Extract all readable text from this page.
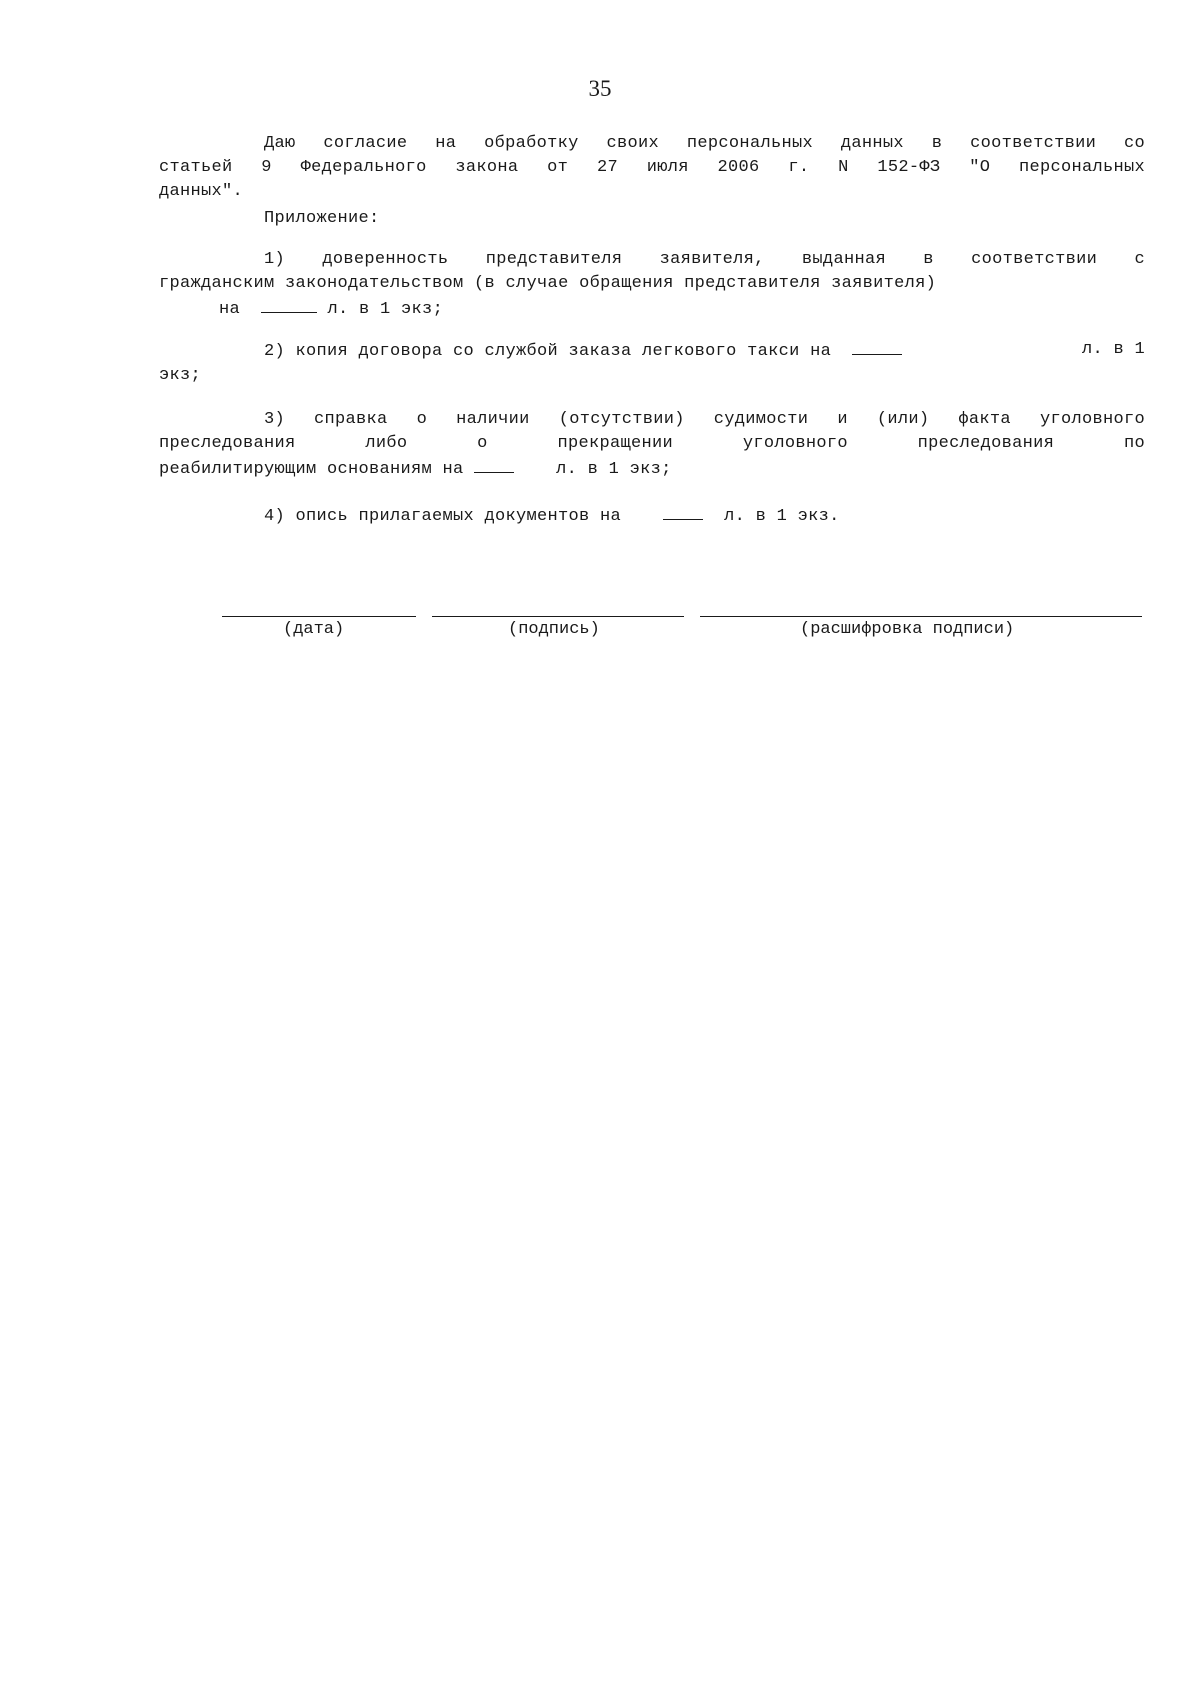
35
Даю согласие на обработку своих персональных данных в соответствии со
статьей 9 Федерального закона от 27 июля 2006 г. N 152-ФЗ "О персональных
данных".
Приложение:
1) доверенность представителя заявителя, выданная в соответствии с
гражданским законодательством (в случае обращения представителя заявителя)
на	л. в 1 экз;
2) копия договора со службой заказа легкового такси на	л. в 1
экз;
3) справка о наличии (отсутствии) судимости и (или) факта уголовного
преследования либо о прекращении уголовного преследования по
реабилитирующим основаниям на	л. в 1 экз;
4) опись прилагаемых документов на	л. в 1 экз.
(дата)	(подпись)	(расшифровка подписи)
